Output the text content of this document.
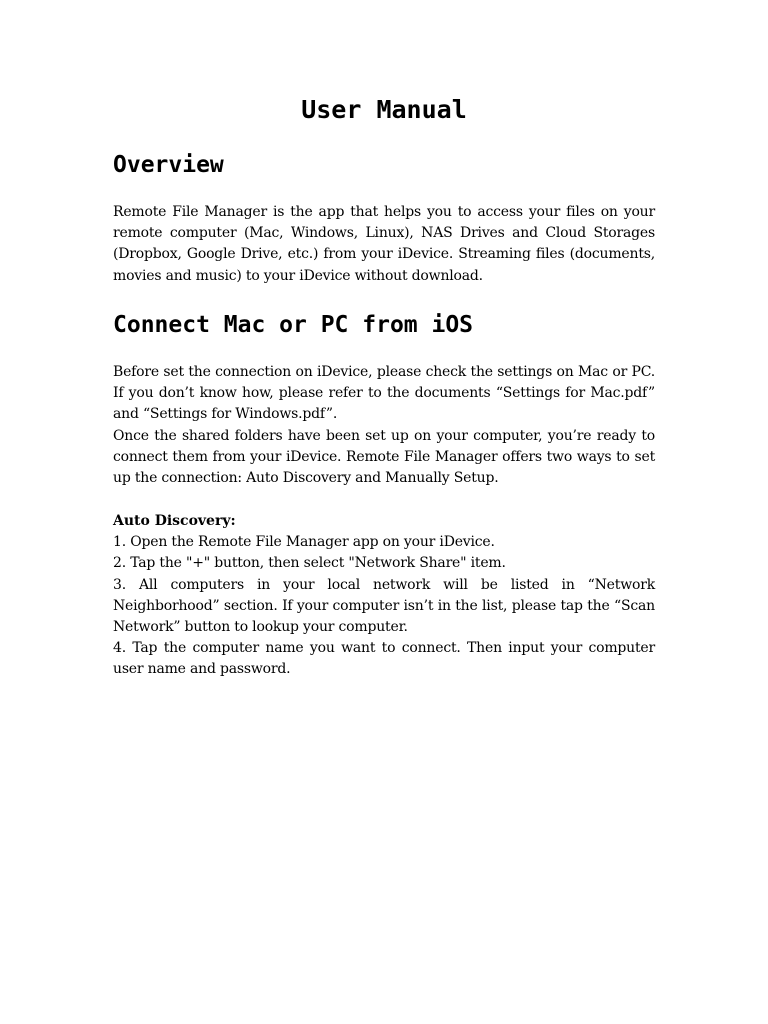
User Manual
Overview

Remote File Manager is the app that helps you to access your files on your remote computer (Mac, Windows, Linux), NAS Drives and Cloud Storages (Dropbox, Google Drive, etc.) from your iDevice. Streaming files (documents, movies and music) to your iDevice without download.

Connect Mac or PC from iOS

Before set the connection on iDevice, please check the settings on Mac or PC. If you don’t know how, please refer to the documents “Settings for Mac.pdf” and “Settings for Windows.pdf”.

Once the shared folders have been set up on your computer, you’re ready to connect them from your iDevice. Remote File Manager offers two ways to set up the connection: Auto Discovery and Manually Setup.

Auto Discovery:

1. Open the Remote File Manager app on your iDevice.
2. Tap the "+" button, then select "Network Share" item.
3. All computers in your local network will be listed in “Network Neighborhood” section. If your computer isn’t in the list, please tap the “Scan Network” button to lookup your computer.
4. Tap the computer name you want to connect. Then input your computer user name and password.
